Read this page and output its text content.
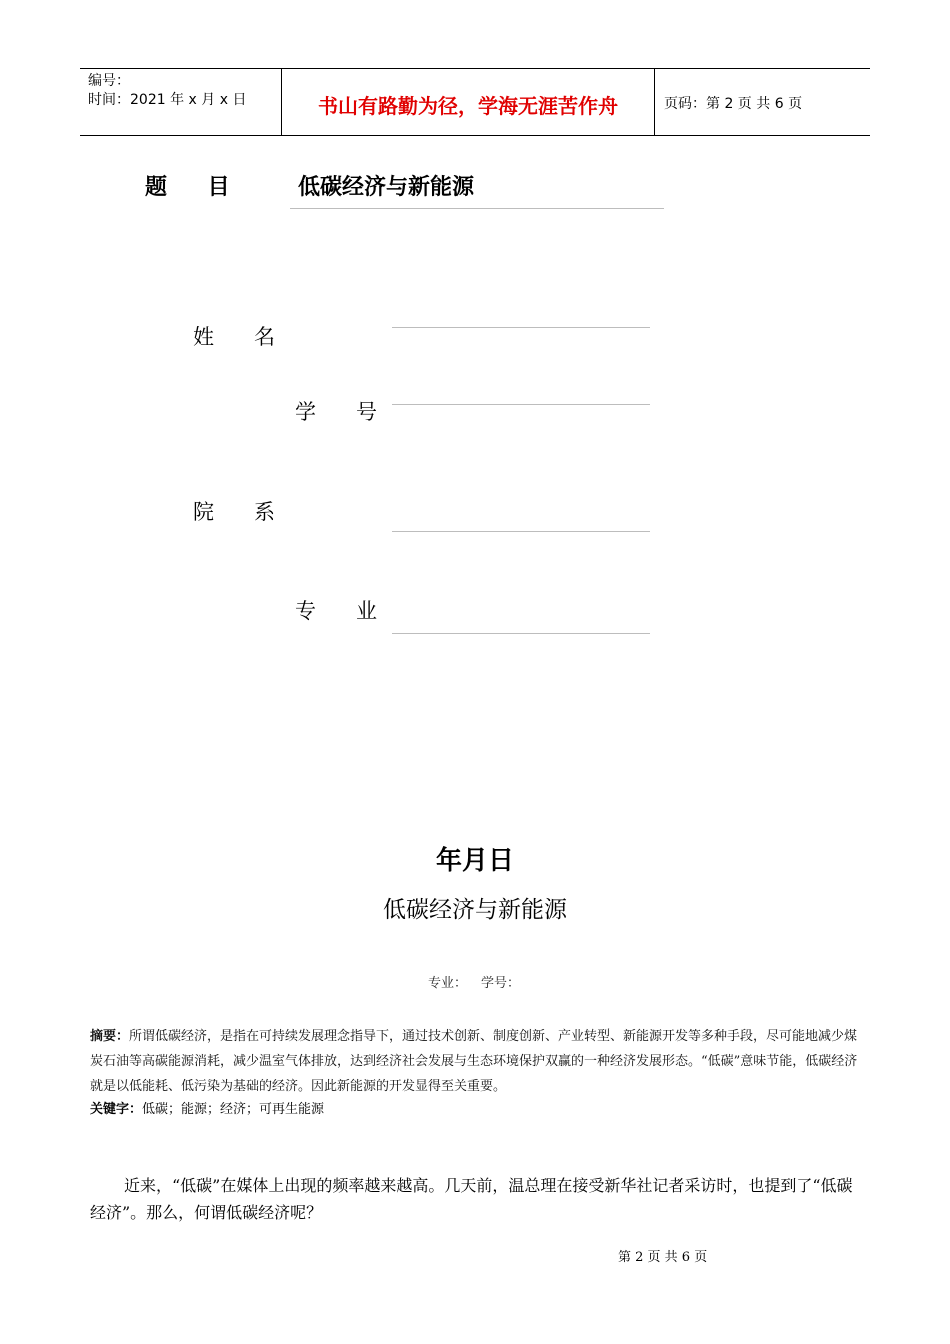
编号：
时间：2021 年 x 月 x 日	书山有路勤为径，学海无涯苦作舟	页码：第 2 页 共 6 页
题    目	低碳经济与新能源
姓      名
学      号
院      系
专      业
年月日
低碳经济与新能源
专业： 学号：
摘要：所谓低碳经济，是指在可持续发展理念指导下，通过技术创新、制度创新、产业转型、新能源开发等多种手段，尽可能地减少煤炭石油等高碳能源消耗，减少温室气体排放，达到经济社会发展与生态环境保护双赢的一种经济发展形态。“低碳”意味节能，低碳经济就是以低能耗、低污染为基础的经济。因此新能源的开发显得至关重要。
关键字：低碳；能源；经济；可再生能源
近来，“低碳”在媒体上出现的频率越来越高。几天前，温总理在接受新华社记者采访时，也提到了“低碳经济”。那么，何谓低碳经济呢？
第 2 页 共 6 页
